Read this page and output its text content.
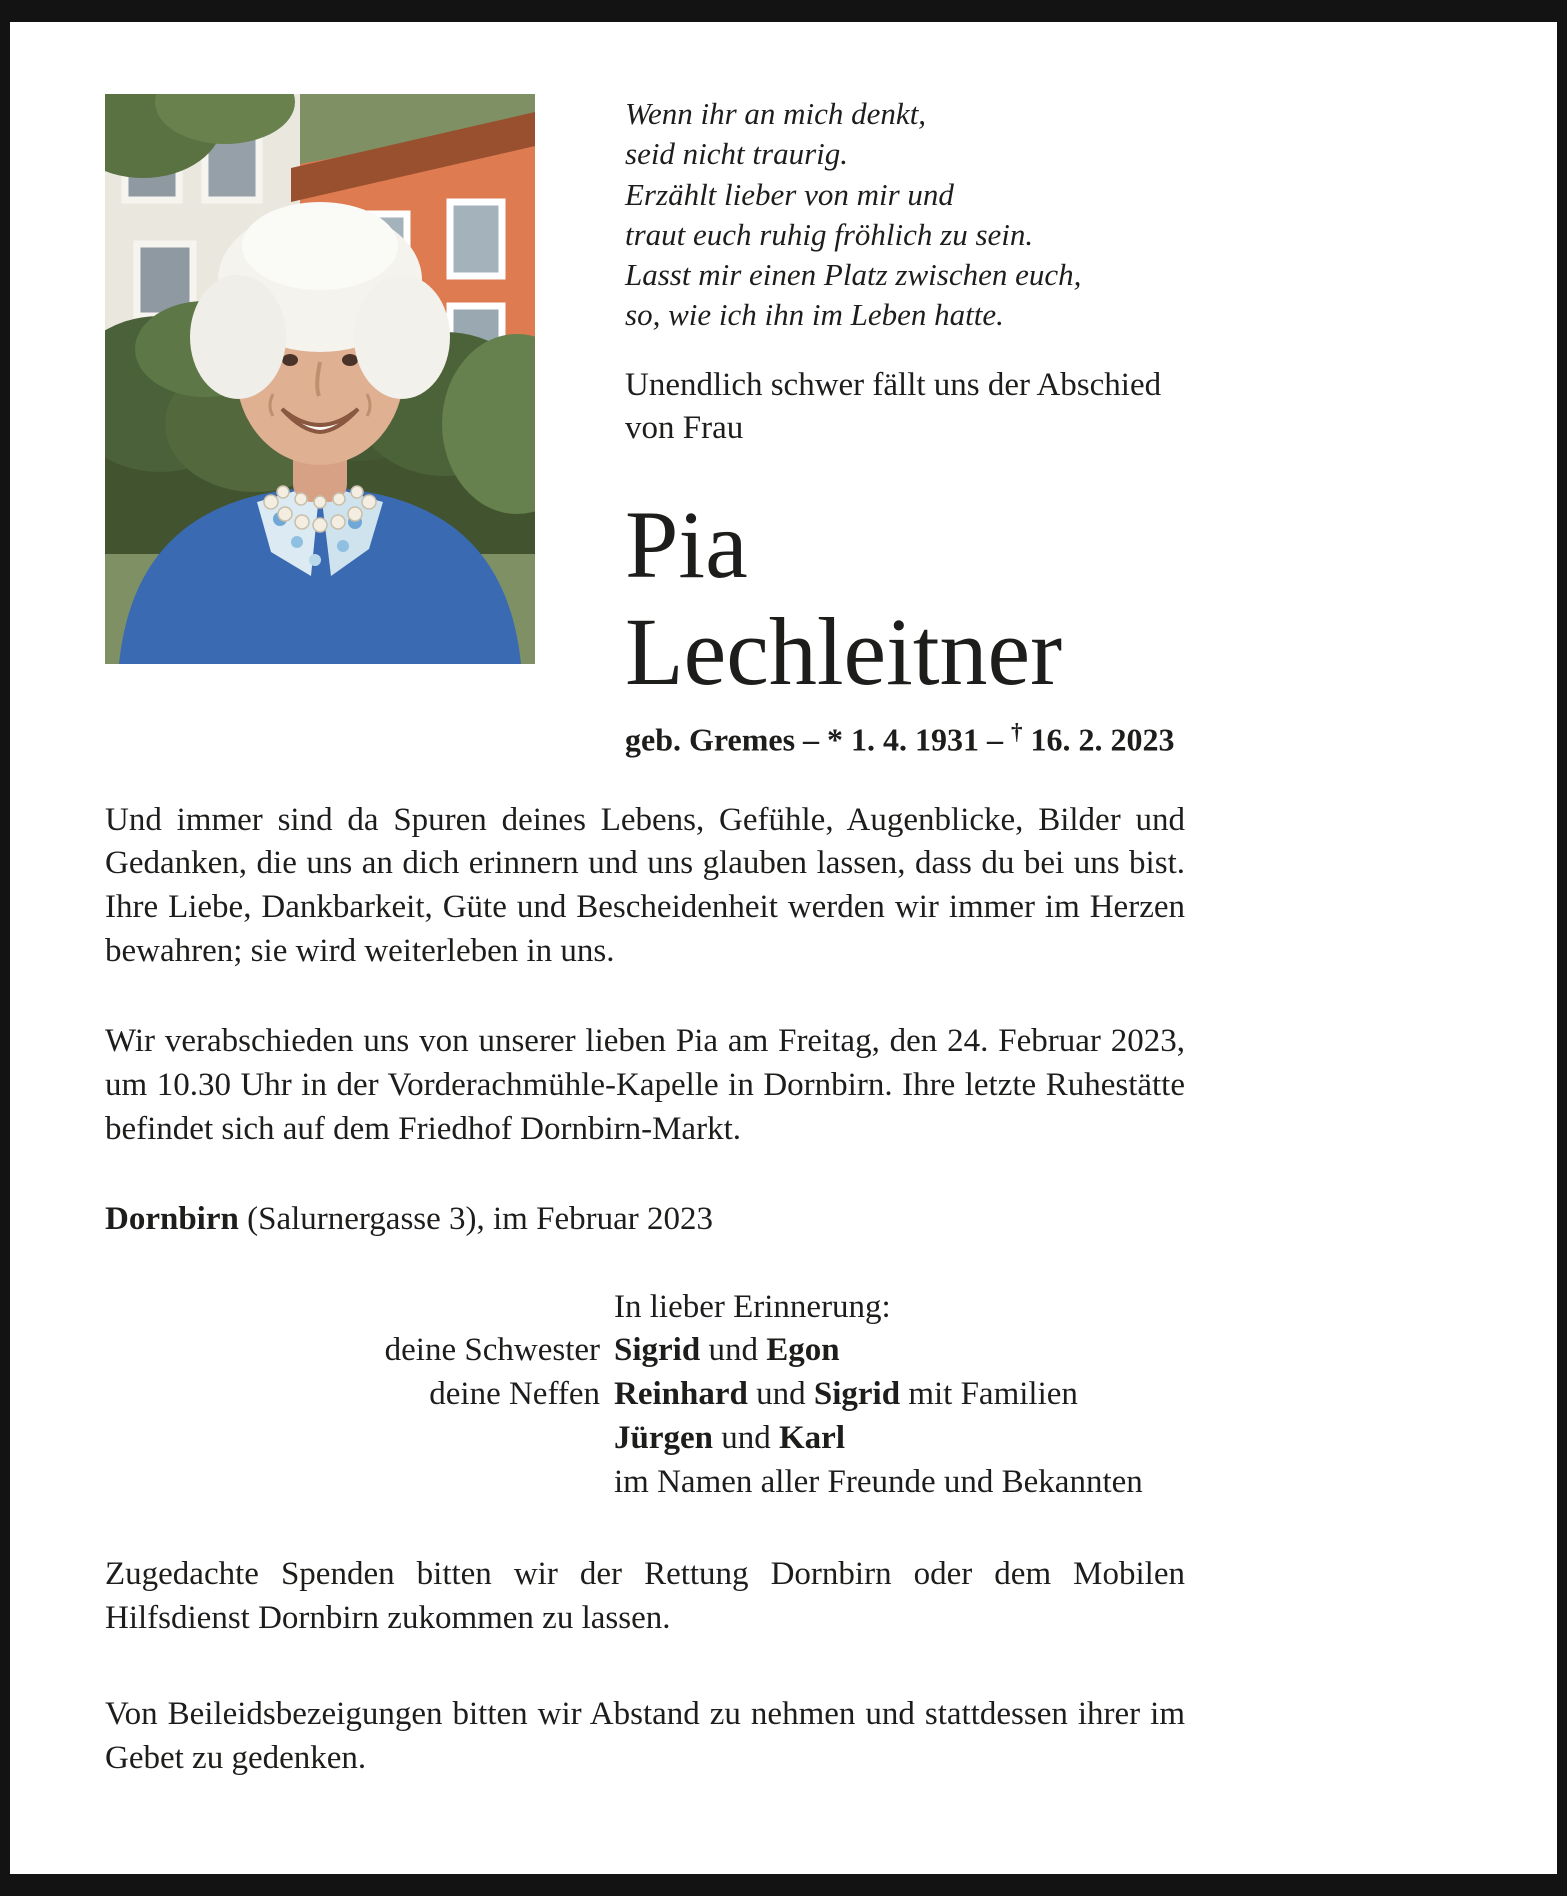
Wenn ihr an mich denkt,
seid nicht traurig.
Erzählt lieber von mir und
traut euch ruhig fröhlich zu sein.
Lasst mir einen Platz zwischen euch,
so, wie ich ihn im Leben hatte.

Unendlich schwer fällt uns der Abschied von Frau

Pia
Lechleitner

geb. Gremes – * 1. 4. 1931 – † 16. 2. 2023

Und immer sind da Spuren deines Lebens, Gefühle, Augenblicke, Bilder und Gedanken, die uns an dich erinnern und uns glauben lassen, dass du bei uns bist. Ihre Liebe, Dankbarkeit, Güte und Bescheidenheit werden wir immer im Herzen bewahren; sie wird weiterleben in uns.

Wir verabschieden uns von unserer lieben Pia am Freitag, den 24. Februar 2023, um 10.30 Uhr in der Vorderachmühle-Kapelle in Dornbirn. Ihre letzte Ruhestätte befindet sich auf dem Friedhof Dornbirn-Markt.

Dornbirn (Salurnergasse 3), im Februar 2023

In lieber Erinnerung:
deine Schwester Sigrid und Egon
deine Neffen Reinhard und Sigrid mit Familien
Jürgen und Karl
im Namen aller Freunde und Bekannten

Zugedachte Spenden bitten wir der Rettung Dornbirn oder dem Mobilen Hilfsdienst Dornbirn zukommen zu lassen.

Von Beileidsbezeigungen bitten wir Abstand zu nehmen und stattdessen ihrer im Gebet zu gedenken.
